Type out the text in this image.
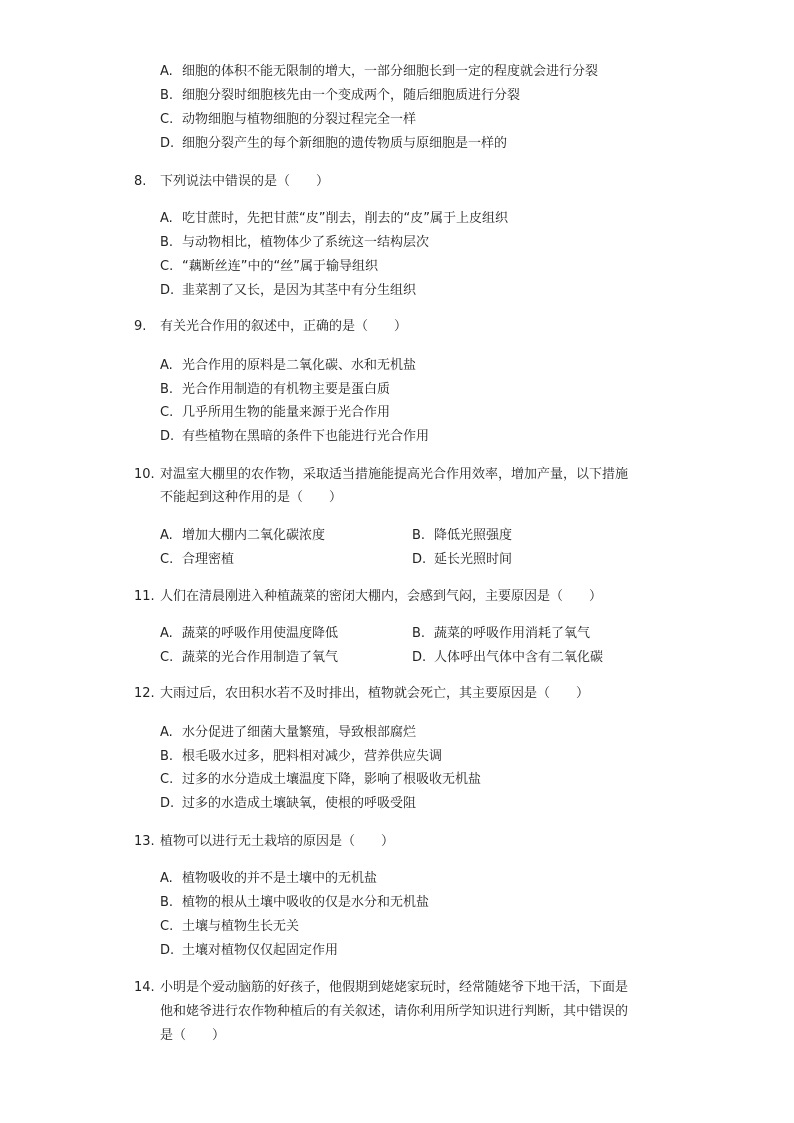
A. 细胞的体积不能无限制的增大，一部分细胞长到一定的程度就会进行分裂
B. 细胞分裂时细胞核先由一个变成两个，随后细胞质进行分裂
C. 动物细胞与植物细胞的分裂过程完全一样
D. 细胞分裂产生的每个新细胞的遗传物质与原细胞是一样的
8. 下列说法中错误的是（　　）
A. 吃甘蔗时，先把甘蔗“皮”削去，削去的“皮”属于上皮组织
B. 与动物相比，植物体少了系统这一结构层次
C. “藕断丝连”中的“丝”属于输导组织
D. 韭菜割了又长，是因为其茎中有分生组织
9. 有关光合作用的叙述中，正确的是（　　）
A. 光合作用的原料是二氧化碳、水和无机盐
B. 光合作用制造的有机物主要是蛋白质
C. 几乎所用生物的能量来源于光合作用
D. 有些植物在黑暗的条件下也能进行光合作用
10. 对温室大棚里的农作物，采取适当措施能提高光合作用效率，增加产量，以下措施
不能起到这种作用的是（　　）
A. 增加大棚内二氧化碳浓度	B. 降低光照强度
C. 合理密植	D. 延长光照时间
11. 人们在清晨刚进入种植蔬菜的密闭大棚内，会感到气闷，主要原因是（　　）
A. 蔬菜的呼吸作用使温度降低	B. 蔬菜的呼吸作用消耗了氧气
C. 蔬菜的光合作用制造了氧气	D. 人体呼出气体中含有二氧化碳
12. 大雨过后，农田积水若不及时排出，植物就会死亡，其主要原因是（　　）
A. 水分促进了细菌大量繁殖，导致根部腐烂
B. 根毛吸水过多，肥料相对减少，营养供应失调
C. 过多的水分造成土壤温度下降，影响了根吸收无机盐
D. 过多的水造成土壤缺氧，使根的呼吸受阻
13. 植物可以进行无土栽培的原因是（　　）
A. 植物吸收的并不是土壤中的无机盐
B. 植物的根从土壤中吸收的仅是水分和无机盐
C. 土壤与植物生长无关
D. 土壤对植物仅仅起固定作用
14. 小明是个爱动脑筋的好孩子，他假期到姥姥家玩时，经常随姥爷下地干活，下面是
他和姥爷进行农作物种植后的有关叙述，请你利用所学知识进行判断，其中错误的
是（　　）
